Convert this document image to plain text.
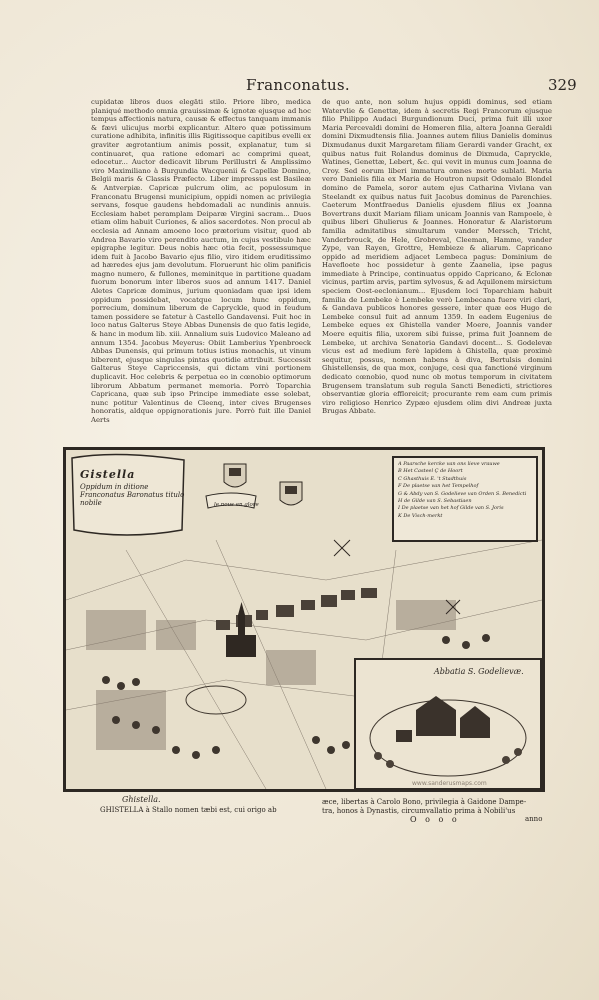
Franconatus.	329

cupidatæ libros duos elegāti stilo. Priore libro, medica planiqué methodo omnia grauissimæ & ignotæ ejusque ad hoc tempus affectionis natura, causæ & effectus tanquam immanis & fævi ulicujus morbi explicantur. Altero quæ potissimum curatione adhibita, infinitis illis Rigitissoque capitibus evelli ex graviter ægrotantium animis possit, explanatur, tum si continuaret, qua ratione edomari ac comprimi queat, edocetur... Auctor dedicavit librum Perillustri & Amplissimo viro Maximiliano à Burgundia Wacquenii & Capellæ Domino, Belgii maris & Classis Præfecto. Liber impressus est Basileæ & Antverpiæ. Capricæ pulcrum olim, ac populosum in Franconatu Brugensi municipium, oppidi nomen ac privilegia servans, fosque gaudens hebdomadali ac nundinis annuis. Ecclesiam habet peramplam Deiparæ Virgini sacram... Duos etiam olim habuit Curiones, & alios sacerdotes. Non procul ab ecclesia ad Annam amoeno loco prætorium visitur, quod ab Andrea Bavario viro perendito auctum, in cujus vestibulo hæc epigraphe legitur. Deus nobis hæc otia fecit, possessumque idem fuit à Jacobo Bavario ejus filio, viro itidem eruditissimo ad hæredes ejus jam devolutum. Floruerunt hic olim panificis magno numero, & fullones, meminitque in partitione quadam fuorum bonorum inter liberos suos ad annum 1417. Daniel Aletes Capricæ dominus, jurium quoniadam quæ ipsi idem oppidum possidebat, vocatque locum hunc oppidum, porrecium, dominum liberum de Capryckle, quod in feudum tamen possidere se fatetur à Castello Gandavensi. Fuit hoc in loco natus Galterus Steye Abbas Dunensis de quo fatis legide, & hanc in modum lib. xiii. Annalium suis Ludovico Maleano ad annum 1354. Jacobus Meyerus: Obiit Lamberius Ypenbroeck Abbas Dunensis, qui primum totius istius monachis, ut vinum biberent, ejusque singulas pintas quotidie attribuit. Successit Galterus Steye Capriccensis, qui dictam vini portionem duplicavit. Hoc celebris & perpetua eo in cœnobio optimorum librorum Abbatum permanet memoria. Porrò Toparchia Capricana, quæ sub ipso Principe immediate esse solebat, nunc potitur Valentinus de Cleenq, inter cives Brugenses honoratis, aldque oppignorationis jure. Porrò fuit ille Daniel Aerts

de quo ante, non solum hujus oppidi dominus, sed etiam Watervlie & Genettæ, idem à secretis Regi Francorum ejusque filio Philippo Audaci Burgundionum Duci, prima fuit illi uxor Maria Percevaldi domini de Homeren filia, altera Joanna Geraldi domini Dixmudtensis filia. Joannes autem filius Danielis dominus Dixmudanus duxit Margaretam filiam Gerardi vander Gracht, ex quibus natus fuit Rolandus dominus de Dixmuda, Capryckle, Watines, Genettæ, Lebert, &c. qui vevit in munus cum Joanna de Croy. Sed eorum liberi immatura omnes morte sublati. Maria vero Danielis filia ex Maria de Houtron nupsit Odomalo Blondel domino de Pamela, soror autem ejus Catharina Vivlana van Steelandt ex quibus natus fuit Jacobus dominus de Parenchies. Caeterum Montfraedus Danielis ejusdem filius ex Joanna Bovertrans duxit Mariam filiam unicam Joannis van Rampoele, è quibus liberi Ghulierus & Joannes. Honoratur & Alaristorum familia admitatibus simultarum vander Merssch, Tricht, Vanderbrouck, de Hele, Grobreval, Cleeman, Hamme, vander Zype, van Rayen, Grottre, Hembieze & aliarum. Capricano oppido ad meridiem adjacet Lembeca pagus: Dominium de Havefloete hoc possidetur à gente Zaanelia, ipse pagus immediate à Principe, continuatus oppido Capricano, & Eclonæ vicinus, partim arvis, partim sylvosus, & ad Aquilonem mirsictum speciem Oost-eeclonianum... Ejusdem loci Toparchiam habuit familia de Lembeke è Lembeke verò Lembecana fuere viri clari, & Gandava publicos honores gessere, inter quæ eos Hugo de Lembeke consul fuit ad annum 1359. In eadem Eugenius de Lembeke eques ex Ghistella vander Moere, Joannis vander Moere equitis filia, uxorem sibi fuisse, prima fuit Joannem de Lembeke, ut archiva Senatoria Gandavi docent... S. Godelevæ vicus est ad medium ferè lapidem à Ghistella, quæ proximè sequitur, possus, nomen habens à diva, Bertulsis domini Ghistellensis, de qua mox, conjuge, cesi qua fanctioné virginum dedicato cœnobio, quod nunc ob motus temporum in civitatem Brugensem translatum sub regula Sancti Benedicti, strictiores observantiæ gloria effloreicit; procurante rem eam cum primis viro religioso Henrico Zypæo ejusdem olim divi Andreæ juxta Brugas Abbate.

Gistella
Oppidum in ditione Franconatus Baronatus titulo nobile	le nous en glore
A Paarsche kercke van ons lieve vrauwe
B Het Casteel Ç de Hoort
C Ghasthuis E. 't Stadthuis
F De plaetse van het Tempelhof
G & Abdy van S. Godelieve van Orden S. Benedicti
H de Gilde van S. Sebastiaen
I De plaetse van het hof Gilde van S. Joris
K De Visch-merkt
Abbatia S. Godelievæ.
Ghistella.
www.sanderusmaps.com
GHISTELLA à Stallo nomen tæbi est, cui origo ab
æce, libertas à Carolo Bono, privilegia à Gaidone Dampe-
tra, honos à Dynastis, circumvallatio prima à Nobili'us
O o o o	anno
